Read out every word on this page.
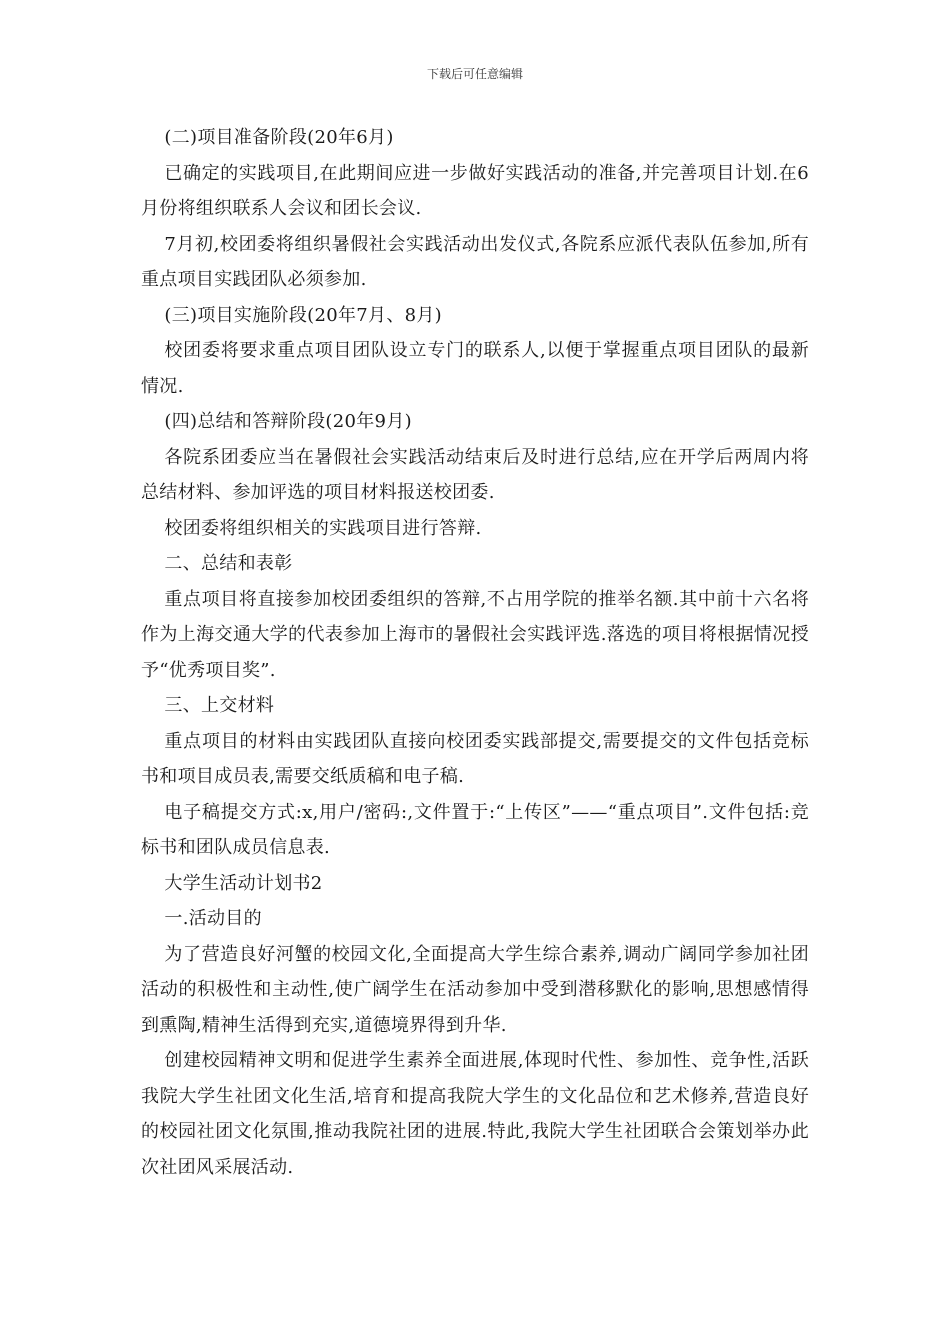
下载后可任意编辑

(二)项目准备阶段(20年6月)

已确定的实践项目,在此期间应进一步做好实践活动的准备,并完善项目计划.在6月份将组织联系人会议和团长会议.

7月初,校团委将组织暑假社会实践活动出发仪式,各院系应派代表队伍参加,所有重点项目实践团队必须参加.

(三)项目实施阶段(20年7月、8月)

校团委将要求重点项目团队设立专门的联系人,以便于掌握重点项目团队的最新情况.

(四)总结和答辩阶段(20年9月)

各院系团委应当在暑假社会实践活动结束后及时进行总结,应在开学后两周内将总结材料、参加评选的项目材料报送校团委.

校团委将组织相关的实践项目进行答辩.

二、总结和表彰

重点项目将直接参加校团委组织的答辩,不占用学院的推举名额.其中前十六名将作为上海交通大学的代表参加上海市的暑假社会实践评选.落选的项目将根据情况授予“优秀项目奖”.

三、上交材料

重点项目的材料由实践团队直接向校团委实践部提交,需要提交的文件包括竞标书和项目成员表,需要交纸质稿和电子稿.

电子稿提交方式:x,用户/密码:,文件置于:“上传区”——“重点项目”.文件包括:竞标书和团队成员信息表.

大学生活动计划书2

一.活动目的

为了营造良好河蟹的校园文化,全面提高大学生综合素养,调动广阔同学参加社团活动的积极性和主动性,使广阔学生在活动参加中受到潜移默化的影响,思想感情得到熏陶,精神生活得到充实,道德境界得到升华.

创建校园精神文明和促进学生素养全面进展,体现时代性、参加性、竞争性,活跃我院大学生社团文化生活,培育和提高我院大学生的文化品位和艺术修养,营造良好的校园社团文化氛围,推动我院社团的进展.特此,我院大学生社团联合会策划举办此次社团风采展活动.
